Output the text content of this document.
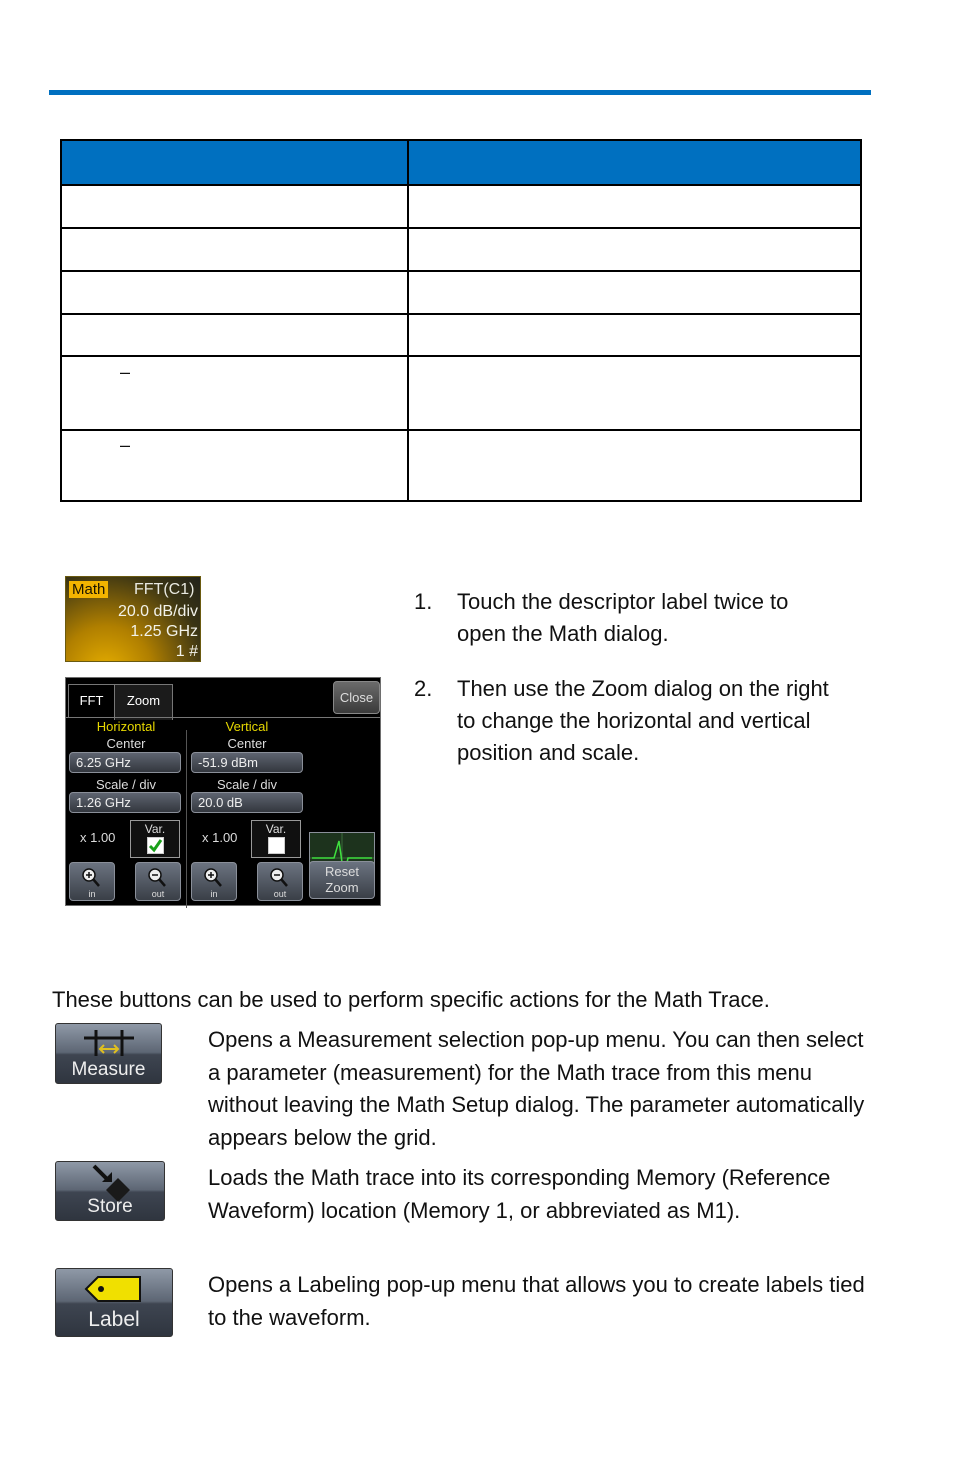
–
–
Math FFT(C1)
20.0 dB/div
1.25 GHz
1 #
FFT	Zoom	Close
Horizontal
Center
6.25 GHz
Scale / div
1.26 GHz
x 1.00
Var.
in	out
Vertical
Center
-51.9 dBm
Scale / div
20.0 dB
x 1.00
Var.
in	out
Reset
Zoom
1. Touch the descriptor label twice to open the Math dialog.
2. Then use the Zoom dialog on the right to change the horizontal and vertical position and scale.
These buttons can be used to perform specific actions for the Math Trace.
Measure
Opens a Measurement selection pop-up menu. You can then select a parameter (measurement) for the Math trace from this menu without leaving the Math Setup dialog. The parameter automatically appears below the grid.
Store
Loads the Math trace into its corresponding Memory (Reference Waveform) location (Memory 1, or abbreviated as M1).
Label
Opens a Labeling pop-up menu that allows you to create labels tied to the waveform.
